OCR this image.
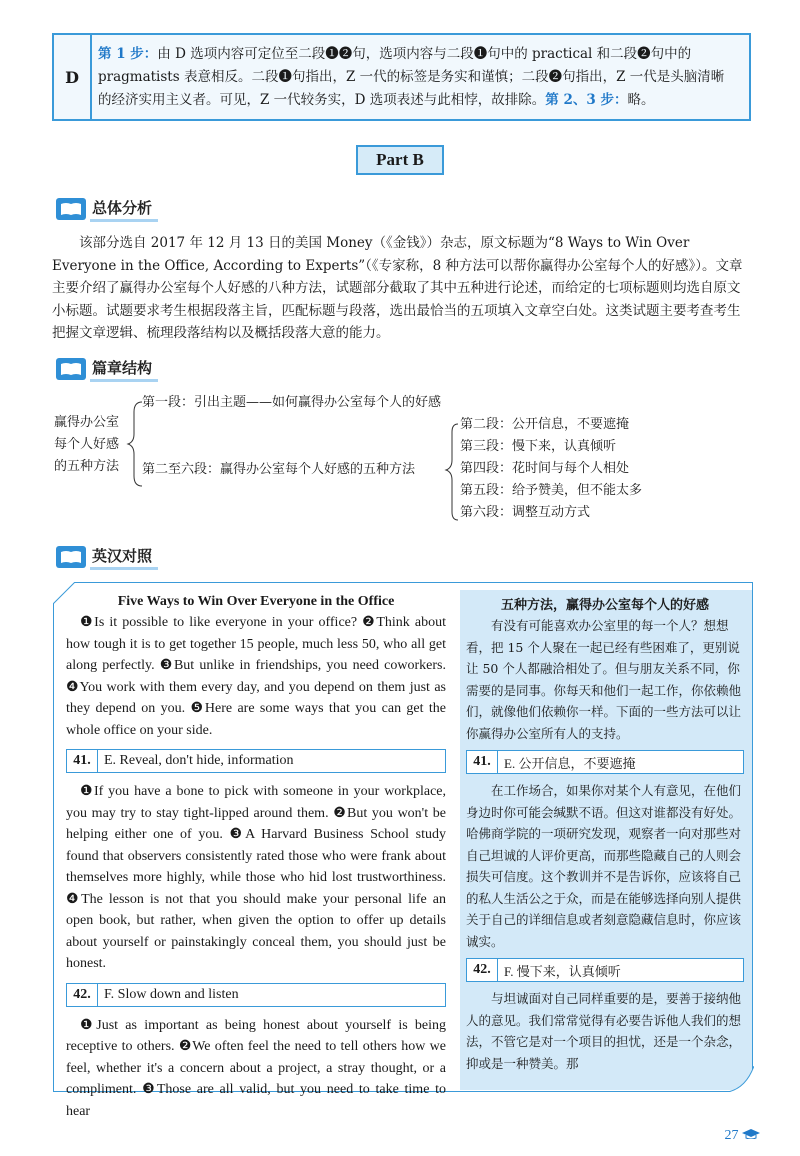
D
第 1 步：由 D 选项内容可定位至二段❶❷句，选项内容与二段❶句中的 practical 和二段❷句中的
pragmatists 表意相反。二段❶句指出，Z 一代的标签是务实和谨慎；二段❷句指出，Z 一代是头脑清晰
的经济实用主义者。可见，Z 一代较务实，D 选项表述与此相悖，故排除。第 2、3 步：略。
Part B
总体分析
该部分选自 2017 年 12 月 13 日的美国 Money（《金钱》）杂志，原文标题为“8 Ways to Win Over Everyone in the Office, According to Experts”（《专家称，8 种方法可以帮你赢得办公室每个人的好感》）。文章主要介绍了赢得办公室每个人好感的八种方法，试题部分截取了其中五种进行论述，而给定的七项标题则均选自原文小标题。试题要求考生根据段落主旨，匹配标题与段落，选出最恰当的五项填入文章空白处。这类试题主要考查考生把握文章逻辑、梳理段落结构以及概括段落大意的能力。
篇章结构
赢得办公室
每个人好感
的五种方法
第一段：引出主题——如何赢得办公室每个人的好感
第二至六段：赢得办公室每个人好感的五种方法
第二段：公开信息，不要遮掩
第三段：慢下来，认真倾听
第四段：花时间与每个人相处
第五段：给予赞美，但不能太多
第六段：调整互动方式
英汉对照
Five Ways to Win Over Everyone in the Office
❶Is it possible to like everyone in your office? ❷Think about how tough it is to get together 15 people, much less 50, who all get along perfectly. ❸But unlike in friendships, you need coworkers. ❹You work with them every day, and you depend on them just as they depend on you. ❺Here are some ways that you can get the whole office on your side.
41. E. Reveal, don't hide, information
❶If you have a bone to pick with someone in your workplace, you may try to stay tight-lipped around them. ❷But you won't be helping either one of you. ❸A Harvard Business School study found that observers consistently rated those who were frank about themselves more highly, while those who hid lost trustworthiness. ❹The lesson is not that you should make your personal life an open book, but rather, when given the option to offer up details about yourself or painstakingly conceal them, you should just be honest.
42. F. Slow down and listen
❶Just as important as being honest about yourself is being receptive to others. ❷We often feel the need to tell others how we feel, whether it's a concern about a project, a stray thought, or a compliment. ❸Those are all valid, but you need to take time to hear
五种方法，赢得办公室每个人的好感
有没有可能喜欢办公室里的每一个人？想想看，把 15 个人聚在一起已经有些困难了，更别说让 50 个人都融洽相处了。但与朋友关系不同，你需要的是同事。你每天和他们一起工作，你依赖他们，就像他们依赖你一样。下面的一些方法可以让你赢得办公室所有人的支持。
41.	E. 公开信息，不要遮掩
在工作场合，如果你对某个人有意见，在他们身边时你可能会缄默不语。但这对谁都没有好处。哈佛商学院的一项研究发现，观察者一向对那些对自己坦诚的人评价更高，而那些隐藏自己的人则会损失可信度。这个教训并不是告诉你，应该将自己的私人生活公之于众，而是在能够选择向别人提供关于自己的详细信息或者刻意隐藏信息时，你应该诚实。
42.	F. 慢下来，认真倾听
与坦诚面对自己同样重要的是，要善于接纳他人的意见。我们常常觉得有必要告诉他人我们的想法，不管它是对一个项目的担忧，还是一个杂念，抑或是一种赞美。那
27
